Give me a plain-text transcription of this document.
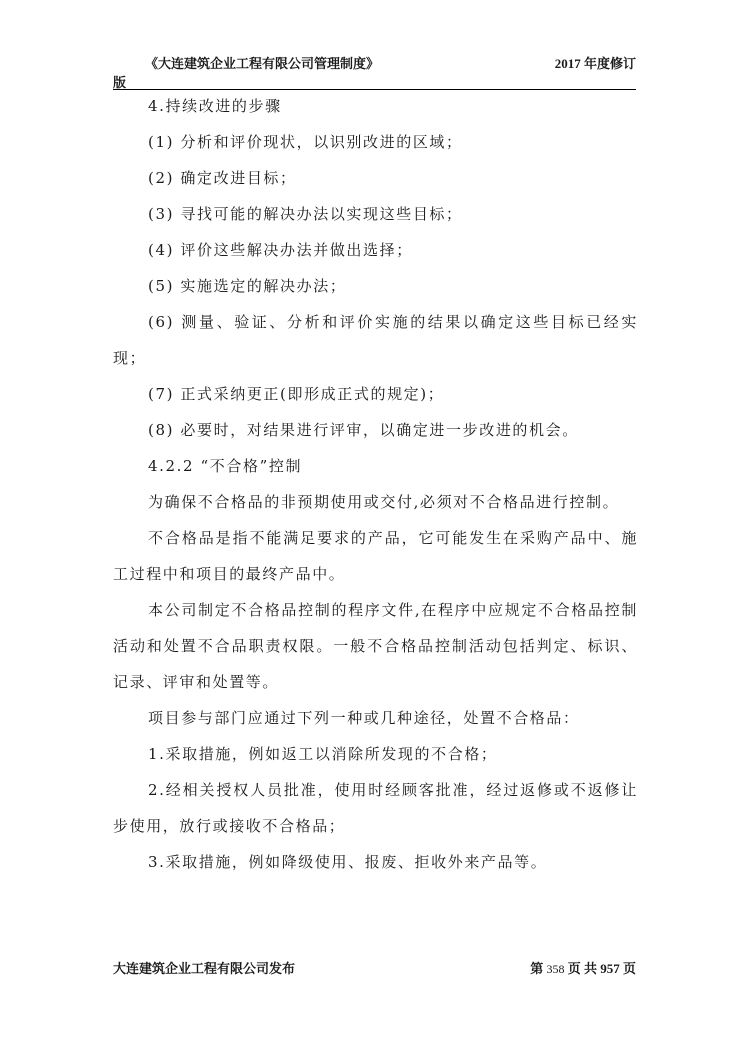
《大连建筑企业工程有限公司管理制度》	2017 年度修订
版

4.持续改进的步骤

(1) 分析和评价现状，以识别改进的区域；

(2) 确定改进目标；

(3) 寻找可能的解决办法以实现这些目标；

(4) 评价这些解决办法并做出选择；

(5) 实施选定的解决办法；

(6) 测量、验证、分析和评价实施的结果以确定这些目标已经实现；

(7) 正式采纳更正(即形成正式的规定)；

(8) 必要时，对结果进行评审，以确定进一步改进的机会。

4.2.2 “不合格”控制

为确保不合格品的非预期使用或交付,必须对不合格品进行控制。

不合格品是指不能满足要求的产品，它可能发生在采购产品中、施工过程中和项目的最终产品中。

本公司制定不合格品控制的程序文件,在程序中应规定不合格品控制活动和处置不合品职责权限。一般不合格品控制活动包括判定、标识、记录、评审和处置等。

项目参与部门应通过下列一种或几种途径，处置不合格品：

1.采取措施，例如返工以消除所发现的不合格；

2.经相关授权人员批准，使用时经顾客批准，经过返修或不返修让步使用，放行或接收不合格品；

3.采取措施，例如降级使用、报废、拒收外来产品等。

大连建筑企业工程有限公司发布	第 358 页 共 957 页
